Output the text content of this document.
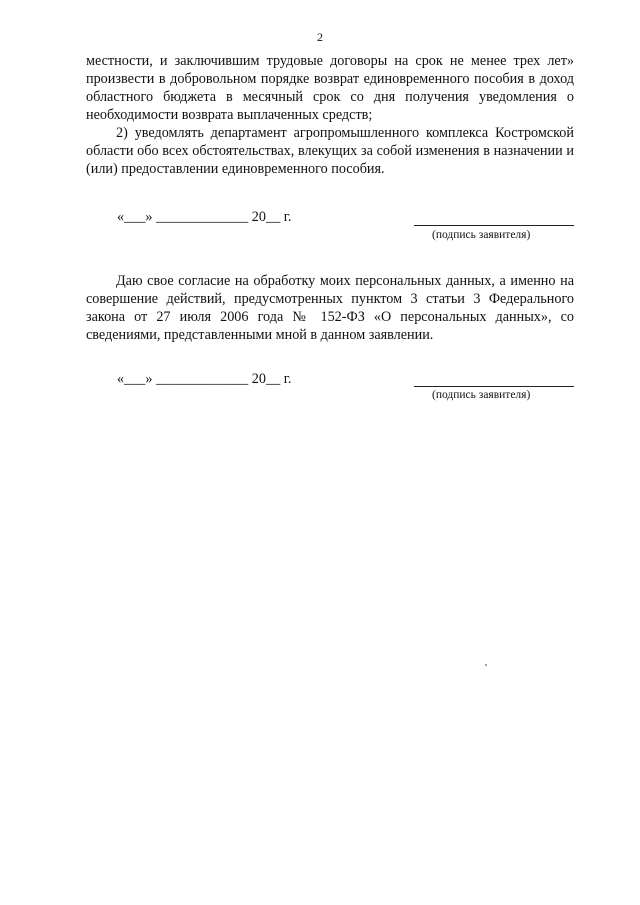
2

местности, и заключившим трудовые договоры на срок не менее трех лет» произвести в добровольном порядке возврат единовременного пособия в доход областного бюджета в месячный срок со дня получения уведомления о необходимости возврата выплаченных средств;

2) уведомлять департамент агропромышленного комплекса Костромской области обо всех обстоятельствах, влекущих за собой изменения в назначении и (или) предоставлении единовременного пособия.

«___» _____________ 20__ г.
(подпись заявителя)

Даю свое согласие на обработку моих персональных данных, а именно на совершение действий, предусмотренных пунктом 3 статьи 3 Федерального закона от 27 июля 2006 года № 152-ФЗ «О персональных данных», со сведениями, представленными мной в данном заявлении.

«___» _____________ 20__ г.
(подпись заявителя)
